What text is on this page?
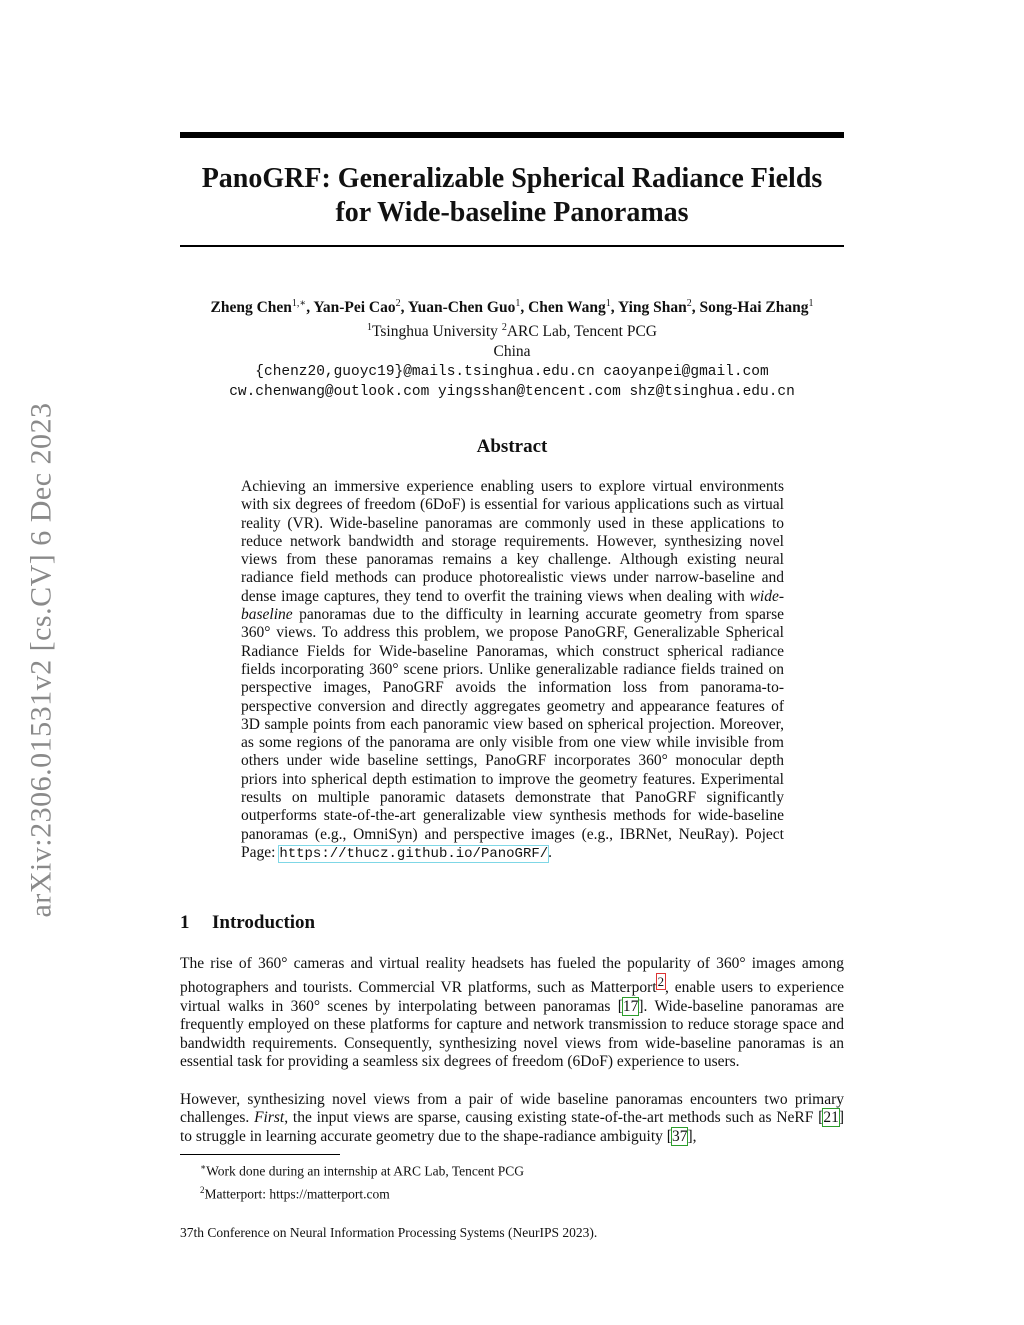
arXiv:2306.01531v2 [cs.CV] 6 Dec 2023
PanoGRF: Generalizable Spherical Radiance Fields
for Wide-baseline Panoramas
Zheng Chen$^{1,∗}$, Yan-Pei Cao$^2$, Yuan-Chen Guo$^1$, Chen Wang$^1$, Ying Shan$^2$, Song-Hai Zhang$^1$
$^1$Tsinghua University $^2$ARC Lab, Tencent PCG
China
{chenz20,guoyc19}@mails.tsinghua.edu.cn caoyanpei@gmail.com
cw.chenwang@outlook.com yingsshan@tencent.com shz@tsinghua.edu.cn
Abstract
Achieving an immersive experience enabling users to explore virtual environments with six degrees of freedom (6DoF) is essential for various applications such as virtual reality (VR). Wide-baseline panoramas are commonly used in these applications to reduce network bandwidth and storage requirements. However, synthesizing novel views from these panoramas remains a key challenge. Although existing neural radiance field methods can produce photorealistic views under narrow-baseline and dense image captures, they tend to overfit the training views when dealing with wide-baseline panoramas due to the difficulty in learning accurate geometry from sparse 360° views. To address this problem, we propose PanoGRF, Generalizable Spherical Radiance Fields for Wide-baseline Panoramas, which construct spherical radiance fields incorporating 360° scene priors. Unlike generalizable radiance fields trained on perspective images, PanoGRF avoids the information loss from panorama-to-perspective conversion and directly aggregates geometry and appearance features of 3D sample points from each panoramic view based on spherical projection. Moreover, as some regions of the panorama are only visible from one view while invisible from others under wide baseline settings, PanoGRF incorporates 360° monocular depth priors into spherical depth estimation to improve the geometry features. Experimental results on multiple panoramic datasets demonstrate that PanoGRF significantly outperforms state-of-the-art generalizable view synthesis methods for wide-baseline panoramas (e.g., OmniSyn) and perspective images (e.g., IBRNet, NeuRay). Poject Page: https://thucz.github.io/PanoGRF/.
1 Introduction
The rise of 360° cameras and virtual reality headsets has fueled the popularity of 360° images among photographers and tourists. Commercial VR platforms, such as Matterport$^2$, enable users to experience virtual walks in 360° scenes by interpolating between panoramas [17]. Wide-baseline panoramas are frequently employed on these platforms for capture and network transmission to reduce storage space and bandwidth requirements. Consequently, synthesizing novel views from wide-baseline panoramas is an essential task for providing a seamless six degrees of freedom (6DoF) experience to users.
However, synthesizing novel views from a pair of wide baseline panoramas encounters two primary challenges. First, the input views are sparse, causing existing state-of-the-art methods such as NeRF [21] to struggle in learning accurate geometry due to the shape-radiance ambiguity [37],
∗Work done during an internship at ARC Lab, Tencent PCG
$^2$Matterport: https://matterport.com
37th Conference on Neural Information Processing Systems (NeurIPS 2023).
